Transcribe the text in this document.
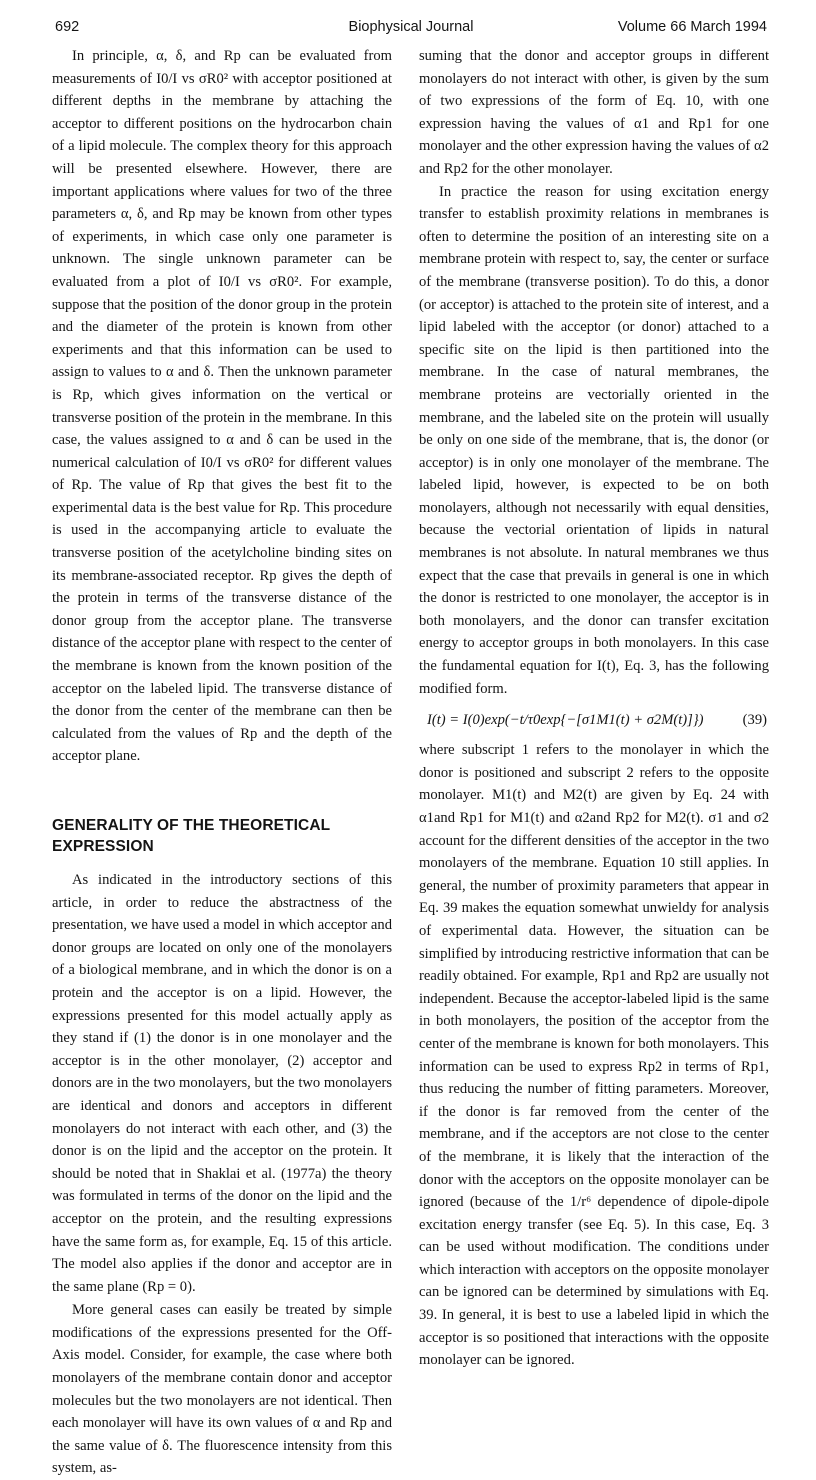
692	Biophysical Journal	Volume 66 March 1994

In principle, α, δ, and Rp can be evaluated from measurements of I0/I vs σR0² with acceptor positioned at different depths in the membrane by attaching the acceptor to different positions on the hydrocarbon chain of a lipid molecule. The complex theory for this approach will be presented elsewhere. However, there are important applications where values for two of the three parameters α, δ, and Rp may be known from other types of experiments, in which case only one parameter is unknown. The single unknown parameter can be evaluated from a plot of I0/I vs σR0². For example, suppose that the position of the donor group in the protein and the diameter of the protein is known from other experiments and that this information can be used to assign to values to α and δ. Then the unknown parameter is Rp, which gives information on the vertical or transverse position of the protein in the membrane. In this case, the values assigned to α and δ can be used in the numerical calculation of I0/I vs σR0² for different values of Rp. The value of Rp that gives the best fit to the experimental data is the best value for Rp. This procedure is used in the accompanying article to evaluate the transverse position of the acetylcholine binding sites on its membrane-associated receptor. Rp gives the depth of the protein in terms of the transverse distance of the donor group from the acceptor plane. The transverse distance of the acceptor plane with respect to the center of the membrane is known from the known position of the acceptor on the labeled lipid. The transverse distance of the donor from the center of the membrane can then be calculated from the values of Rp and the depth of the acceptor plane.

GENERALITY OF THE THEORETICAL
EXPRESSION

As indicated in the introductory sections of this article, in order to reduce the abstractness of the presentation, we have used a model in which acceptor and donor groups are located on only one of the monolayers of a biological membrane, and in which the donor is on a protein and the acceptor is on a lipid. However, the expressions presented for this model actually apply as they stand if (1) the donor is in one monolayer and the acceptor is in the other monolayer, (2) acceptor and donors are in the two monolayers, but the two monolayers are identical and donors and acceptors in different monolayers do not interact with each other, and (3) the donor is on the lipid and the acceptor on the protein. It should be noted that in Shaklai et al. (1977a) the theory was formulated in terms of the donor on the lipid and the acceptor on the protein, and the resulting expressions have the same form as, for example, Eq. 15 of this article. The model also applies if the donor and acceptor are in the same plane (Rp = 0).

More general cases can easily be treated by simple modifications of the expressions presented for the Off-Axis model. Consider, for example, the case where both monolayers of the membrane contain donor and acceptor molecules but the two monolayers are not identical. Then each monolayer will have its own values of α and Rp and the same value of δ. The fluorescence intensity from this system, as-

suming that the donor and acceptor groups in different monolayers do not interact with other, is given by the sum of two expressions of the form of Eq. 10, with one expression having the values of α1 and Rp1 for one monolayer and the other expression having the values of α2 and Rp2 for the other monolayer.

In practice the reason for using excitation energy transfer to establish proximity relations in membranes is often to determine the position of an interesting site on a membrane protein with respect to, say, the center or surface of the membrane (transverse position). To do this, a donor (or acceptor) is attached to the protein site of interest, and a lipid labeled with the acceptor (or donor) attached to a specific site on the lipid is then partitioned into the membrane. In the case of natural membranes, the membrane proteins are vectorially oriented in the membrane, and the labeled site on the protein will usually be only on one side of the membrane, that is, the donor (or acceptor) is in only one monolayer of the membrane. The labeled lipid, however, is expected to be on both monolayers, although not necessarily with equal densities, because the vectorial orientation of lipids in natural membranes is not absolute. In natural membranes we thus expect that the case that prevails in general is one in which the donor is restricted to one monolayer, the acceptor is in both monolayers, and the donor can transfer excitation energy to acceptor groups in both monolayers. In this case the fundamental equation for I(t), Eq. 3, has the following modified form.

I(t) = I(0)exp(−t/τ0exp{−[σ1M1(t) + σ2M(t)]})	(39)

where subscript 1 refers to the monolayer in which the donor is positioned and subscript 2 refers to the opposite monolayer. M1(t) and M2(t) are given by Eq. 24 with α1and Rp1 for M1(t) and α2and Rp2 for M2(t). σ1 and σ2 account for the different densities of the acceptor in the two monolayers of the membrane. Equation 10 still applies. In general, the number of proximity parameters that appear in Eq. 39 makes the equation somewhat unwieldy for analysis of experimental data. However, the situation can be simplified by introducing restrictive information that can be readily obtained. For example, Rp1 and Rp2 are usually not independent. Because the acceptor-labeled lipid is the same in both monolayers, the position of the acceptor from the center of the membrane is known for both monolayers. This information can be used to express Rp2 in terms of Rp1, thus reducing the number of fitting parameters. Moreover, if the donor is far removed from the center of the membrane, and if the acceptors are not close to the center of the membrane, it is likely that the interaction of the donor with the acceptors on the opposite monolayer can be ignored (because of the 1/r⁶ dependence of dipole-dipole excitation energy transfer (see Eq. 5). In this case, Eq. 3 can be used without modification. The conditions under which interaction with acceptors on the opposite monolayer can be ignored can be determined by simulations with Eq. 39. In general, it is best to use a labeled lipid in which the acceptor is so positioned that interactions with the opposite monolayer can be ignored.
